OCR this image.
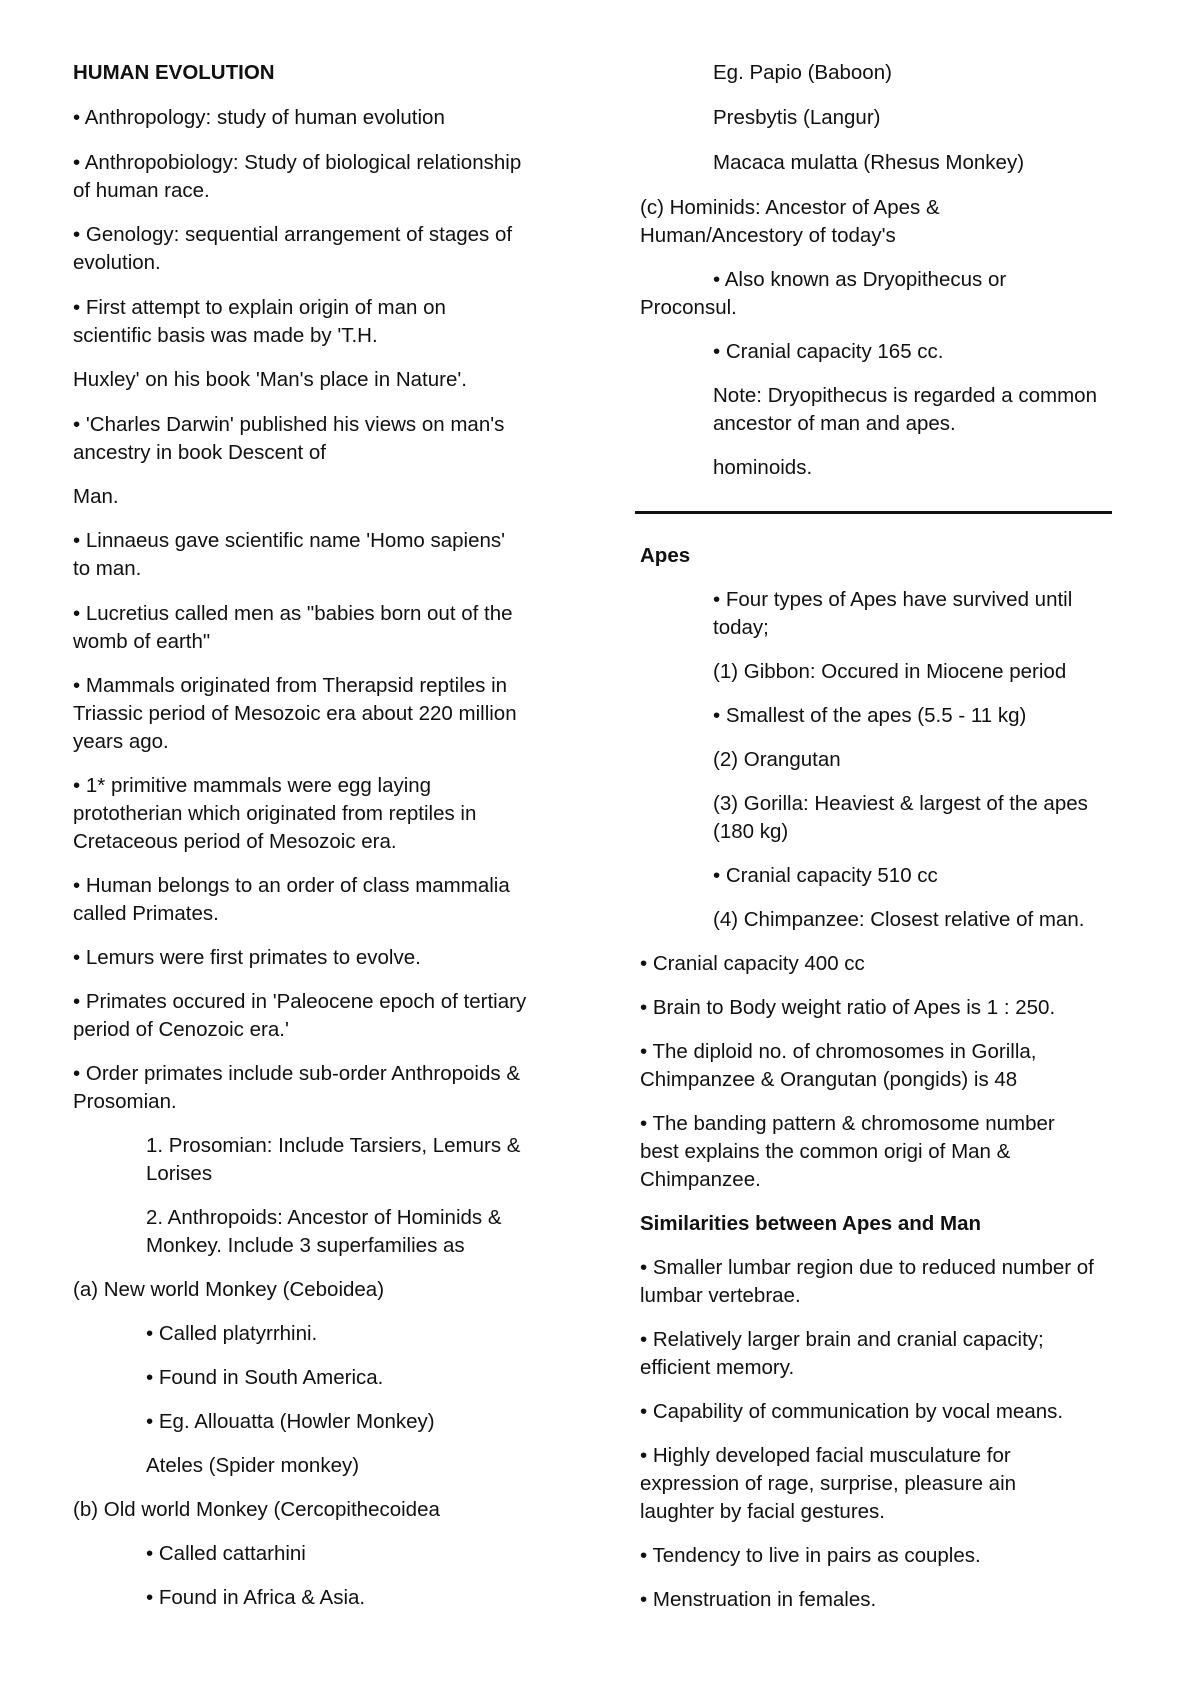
HUMAN EVOLUTION
• Anthropology: study of human evolution
• Anthropobiology: Study of biological relationship
of human race.
• Genology: sequential arrangement of stages of
evolution.
• First attempt to explain origin of man on
scientific basis was made by 'T.H.
Huxley' on his book 'Man's place in Nature'.
• 'Charles Darwin' published his views on man's
ancestry in book Descent of
Man.
• Linnaeus gave scientific name 'Homo sapiens'
to man.
• Lucretius called men as "babies born out of the
womb of earth"
• Mammals originated from Therapsid reptiles in
Triassic period of Mesozoic era about 220 million
years ago.
• 1* primitive mammals were egg laying
prototherian which originated from reptiles in
Cretaceous period of Mesozoic era.
• Human belongs to an order of class mammalia
called Primates.
• Lemurs were first primates to evolve.
• Primates occured in 'Paleocene epoch of tertiary
period of Cenozoic era.'
• Order primates include sub-order Anthropoids &
Prosomian.
1. Prosomian: Include Tarsiers, Lemurs &
Lorises
2. Anthropoids: Ancestor of Hominids &
Monkey. Include 3 superfamilies as
(a) New world Monkey (Ceboidea)
• Called platyrrhini.
• Found in South America.
• Eg. Allouatta (Howler Monkey)
Ateles (Spider monkey)
(b) Old world Monkey (Cercopithecoidea
• Called cattarhini
• Found in Africa & Asia.
Eg. Papio (Baboon)
Presbytis (Langur)
Macaca mulatta (Rhesus Monkey)
(c) Hominids: Ancestor of Apes &
Human/Ancestory of today's
• Also known as Dryopithecus or
Proconsul.
• Cranial capacity 165 cc.
Note: Dryopithecus is regarded a common
ancestor of man and apes.
hominoids.
Apes
• Four types of Apes have survived until
today;
(1) Gibbon: Occured in Miocene period
• Smallest of the apes (5.5 - 11 kg)
(2) Orangutan
(3) Gorilla: Heaviest & largest of the apes
(180 kg)
• Cranial capacity 510 cc
(4) Chimpanzee: Closest relative of man.
• Cranial capacity 400 cc
• Brain to Body weight ratio of Apes is 1 : 250.
• The diploid no. of chromosomes in Gorilla,
Chimpanzee & Orangutan (pongids) is 48
• The banding pattern & chromosome number
best explains the common origi of Man &
Chimpanzee.
Similarities between Apes and Man
• Smaller lumbar region due to reduced number of
lumbar vertebrae.
• Relatively larger brain and cranial capacity;
efficient memory.
• Capability of communication by vocal means.
• Highly developed facial musculature for
expression of rage, surprise, pleasure ain
laughter by facial gestures.
• Tendency to live in pairs as couples.
• Menstruation in females.
